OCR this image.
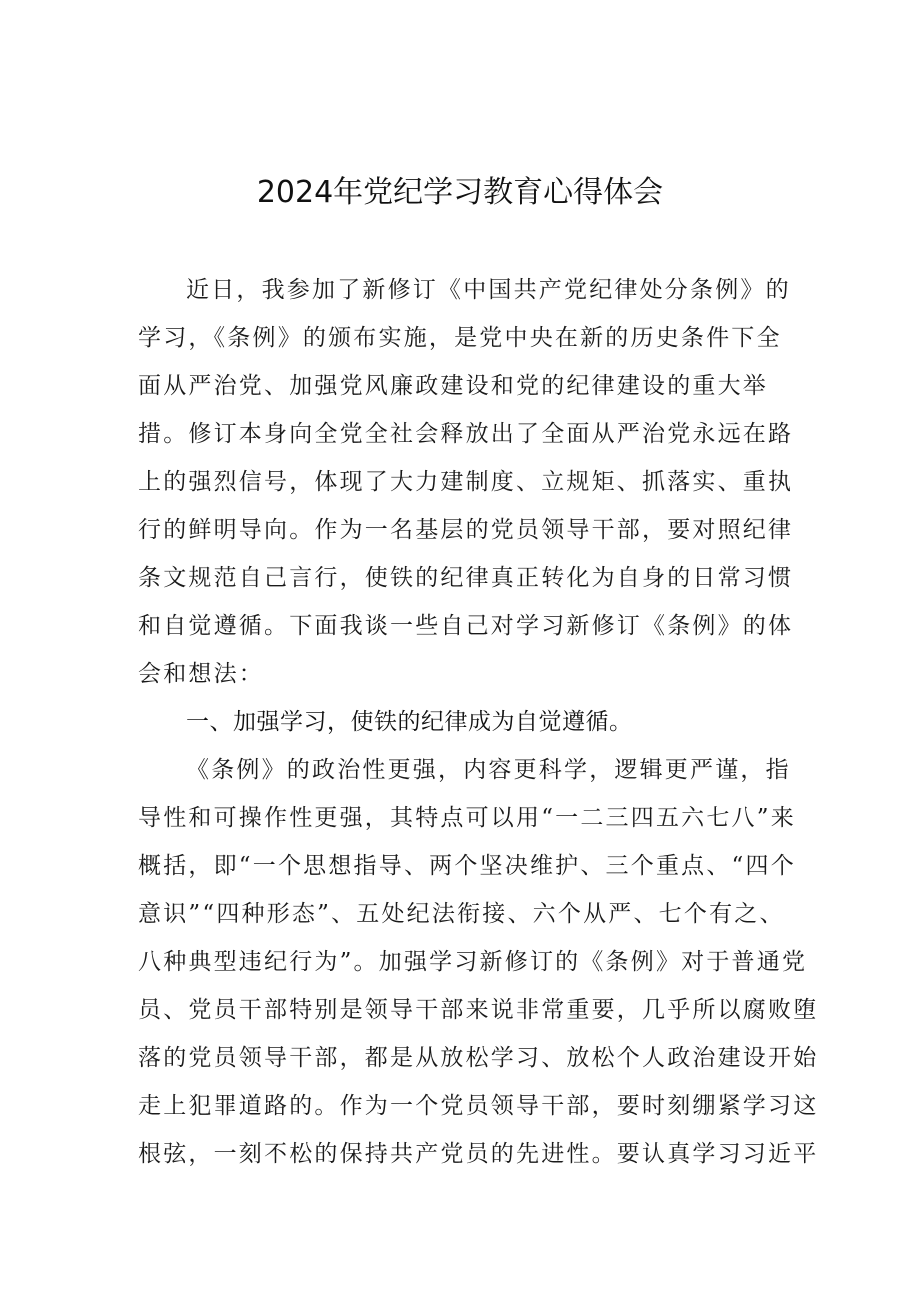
2024年党纪学习教育心得体会

近日，我参加了新修订《中国共产党纪律处分条例》的

学习，《条例》的颁布实施，是党中央在新的历史条件下全

面从严治党、加强党风廉政建设和党的纪律建设的重大举

措。修订本身向全党全社会释放出了全面从严治党永远在路

上的强烈信号，体现了大力建制度、立规矩、抓落实、重执

行的鲜明导向。作为一名基层的党员领导干部，要对照纪律

条文规范自己言行，使铁的纪律真正转化为自身的日常习惯

和自觉遵循。下面我谈一些自己对学习新修订《条例》的体

会和想法：

一、加强学习，使铁的纪律成为自觉遵循。

《条例》的政治性更强，内容更科学，逻辑更严谨，指

导性和可操作性更强，其特点可以用“一二三四五六七八”来

概括，即“一个思想指导、两个坚决维护、三个重点、“四个

意识”“四种形态”、五处纪法衔接、六个从严、七个有之、

八种典型违纪行为”。加强学习新修订的《条例》对于普通党

员、党员干部特别是领导干部来说非常重要，几乎所以腐败堕

落的党员领导干部，都是从放松学习、放松个人政治建设开始

走上犯罪道路的。作为一个党员领导干部，要时刻绷紧学习这

根弦，一刻不松的保持共产党员的先进性。要认真学习习近平
